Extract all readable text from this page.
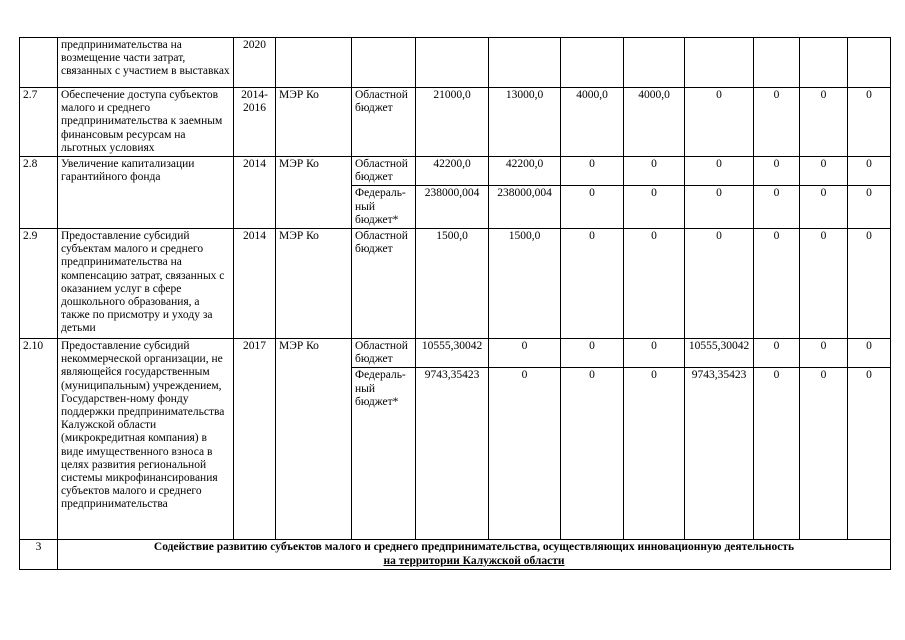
	предпринимательства на возмещение части затрат, связанных с участием в выставках	2020										
2.7	Обеспечение доступа субъектов малого и среднего предпринимательства к заемным финансовым ресурсам на льготных условиях	2014-2016	МЭР Ко	Областной бюджет	21000,0	13000,0	4000,0	4000,0	0	0	0	0
2.8	Увеличение капитализации гарантийного фонда	2014	МЭР Ко	Областной бюджет	42200,0	42200,0	0	0	0	0	0	0
				Федераль-ный бюджет*	238000,004	238000,004	0	0	0	0	0	0
2.9	Предоставление субсидий субъектам малого и среднего предпринимательства на компенсацию затрат, связанных с оказанием услуг в сфере дошкольного образования, а также по присмотру и уходу за детьми	2014	МЭР Ко	Областной бюджет	1500,0	1500,0	0	0	0	0	0	0
2.10	Предоставление субсидий некоммерческой организации, не являющейся государственным (муниципальным) учреждением, Государствен-ному фонду поддержки предпринимательства Калужской области (микрокредитная компания) в виде имущественного взноса в целях развития региональной системы микрофинансирования субъектов малого и среднего предпринимательства	2017	МЭР Ко	Областной бюджет	10555,30042	0	0	0	10555,30042	0	0	0
				Федераль-ный бюджет*	9743,35423	0	0	0	9743,35423	0	0	0
3	Содействие развитию субъектов малого и среднего предпринимательства, осуществляющих инновационную деятельность
на территории Калужской области											
